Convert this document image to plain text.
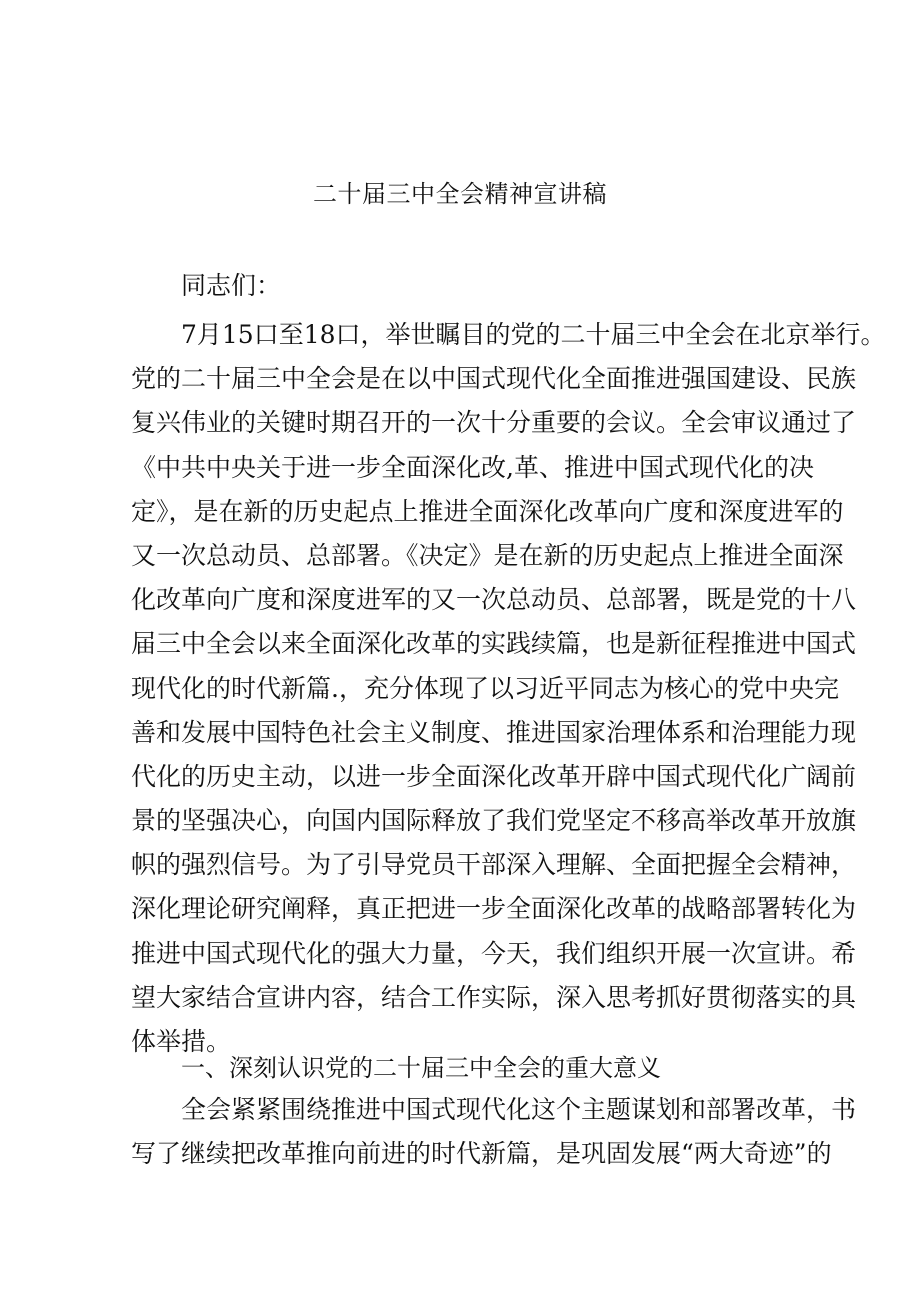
二十届三中全会精神宣讲稿

同志们：

7月15口至18口，举世瞩目的党的二十届三中全会在北京举行。
党的二十届三中全会是在以中国式现代化全面推进强国建设、民族
复兴伟业的关键时期召开的一次十分重要的会议。全会审议通过了
《中共中央关于进一步全面深化改,革、推进中国式现代化的决
定》，是在新的历史起点上推进全面深化改革向广度和深度进军的
又一次总动员、总部署。《决定》是在新的历史起点上推进全面深
化改革向广度和深度进军的又一次总动员、总部署，既是党的十八
届三中全会以来全面深化改革的实践续篇，也是新征程推进中国式
现代化的时代新篇.，充分体现了以习近平同志为核心的党中央完
善和发展中国特色社会主义制度、推进国家治理体系和治理能力现
代化的历史主动，以进一步全面深化改革开辟中国式现代化广阔前
景的坚强决心，向国内国际释放了我们党坚定不移高举改革开放旗
帜的强烈信号。为了引导党员干部深入理解、全面把握全会精神，
深化理论研究阐释，真正把进一步全面深化改革的战略部署转化为
推进中国式现代化的强大力量，今天，我们组织开展一次宣讲。希
望大家结合宣讲内容，结合工作实际，深入思考抓好贯彻落实的具
体举措。
一、深刻认识党的二十届三中全会的重大意义
全会紧紧围绕推进中国式现代化这个主题谋划和部署改革，书
写了继续把改革推向前进的时代新篇，是巩固发展“两大奇迹”的
